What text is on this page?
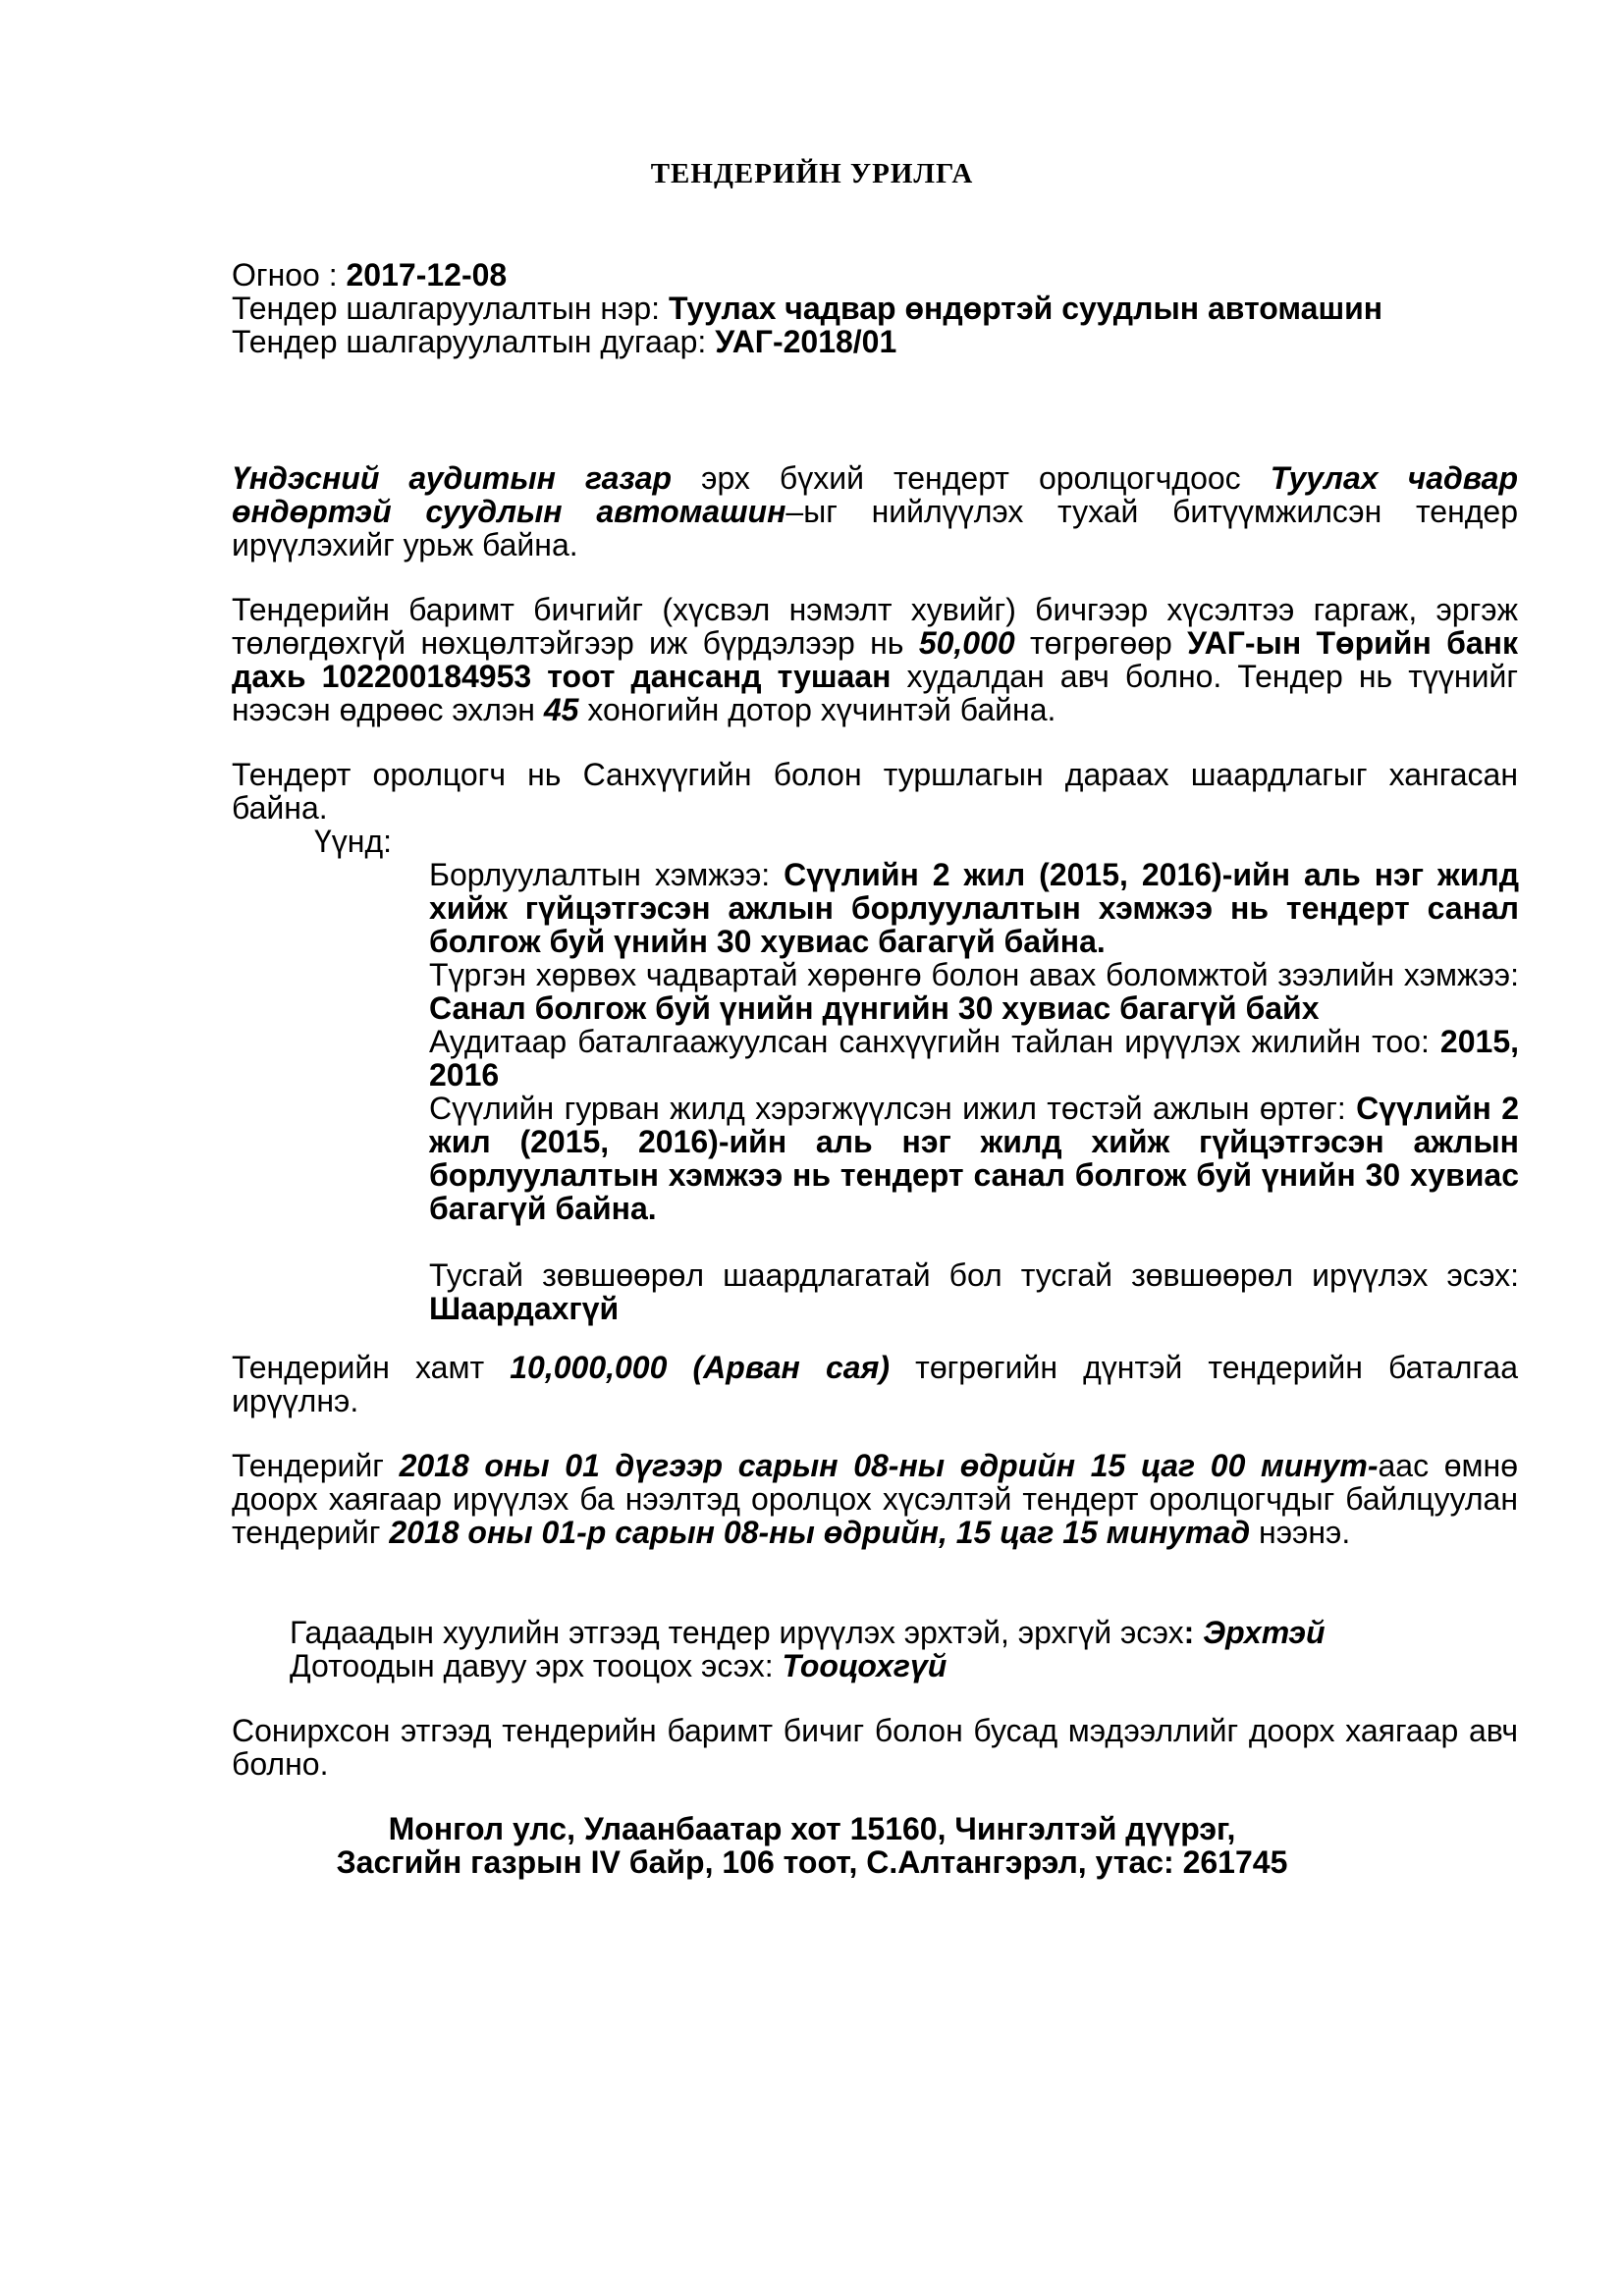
ТЕНДЕРИЙН УРИЛГА
Огноо : 2017-12-08
Тендер шалгаруулалтын нэр: Туулах чадвар өндөртэй суудлын автомашин
Тендер шалгаруулалтын дугаар: УАГ-2018/01

Үндэсний аудитын газар эрх бүхий тендерт оролцогчдоос Туулах чадвар өндөртэй суудлын автомашин–ыг нийлүүлэх тухай битүүмжилсэн тендер ирүүлэхийг урьж байна.

Тендерийн баримт бичгийг (хүсвэл нэмэлт хувийг) бичгээр хүсэлтээ гаргаж, эргэж төлөгдөхгүй нөхцөлтэйгээр иж бүрдэлээр нь 50,000 төгрөгөөр УАГ-ын Төрийн банк дахь 102200184953 тоот дансанд тушаан худалдан авч болно. Тендер нь түүнийг нээсэн өдрөөс эхлэн 45 хоногийн дотор хүчинтэй байна.

Тендерт оролцогч нь Санхүүгийн болон туршлагын дараах шаардлагыг хангасан байна.

Үүнд:

Борлуулалтын хэмжээ: Сүүлийн 2 жил (2015, 2016)-ийн аль нэг жилд хийж гүйцэтгэсэн ажлын борлуулалтын хэмжээ нь тендерт санал болгож буй үнийн 30 хувиас багагүй байна.

Түргэн хөрвөх чадвартай хөрөнгө болон авах боломжтой зээлийн хэмжээ: Санал болгож буй үнийн дүнгийн 30 хувиас багагүй байх

Аудитаар баталгаажуулсан санхүүгийн тайлан ирүүлэх жилийн тоо: 2015, 2016

Сүүлийн гурван жилд хэрэгжүүлсэн ижил төстэй ажлын өртөг: Сүүлийн 2 жил (2015, 2016)-ийн аль нэг жилд хийж гүйцэтгэсэн ажлын борлуулалтын хэмжээ нь тендерт санал болгож буй үнийн 30 хувиас багагүй байна.

Тусгай зөвшөөрөл шаардлагатай бол тусгай зөвшөөрөл ирүүлэх эсэх: Шаардахгүй

Тендерийн хамт 10,000,000 (Арван сая) төгрөгийн дүнтэй тендерийн баталгаа ирүүлнэ.

Тендерийг 2018 оны 01 дүгээр сарын 08-ны өдрийн 15 цаг 00 минут-аас өмнө доорх хаягаар ирүүлэх ба нээлтэд оролцох хүсэлтэй тендерт оролцогчдыг байлцуулан тендерийг 2018 оны 01-р сарын 08-ны өдрийн, 15 цаг 15 минутад нээнэ.

Гадаадын хуулийн этгээд тендер ирүүлэх эрхтэй, эрхгүй эсэх: Эрхтэй
Дотоодын давуу эрх тооцох эсэх: Тооцохгүй

Сонирхсон этгээд тендерийн баримт бичиг болон бусад мэдээллийг доорх хаягаар авч болно.

Монгол улс, Улаанбаатар хот 15160, Чингэлтэй дүүрэг,
Засгийн газрын IV байр, 106 тоот, С.Алтангэрэл, утас: 261745
